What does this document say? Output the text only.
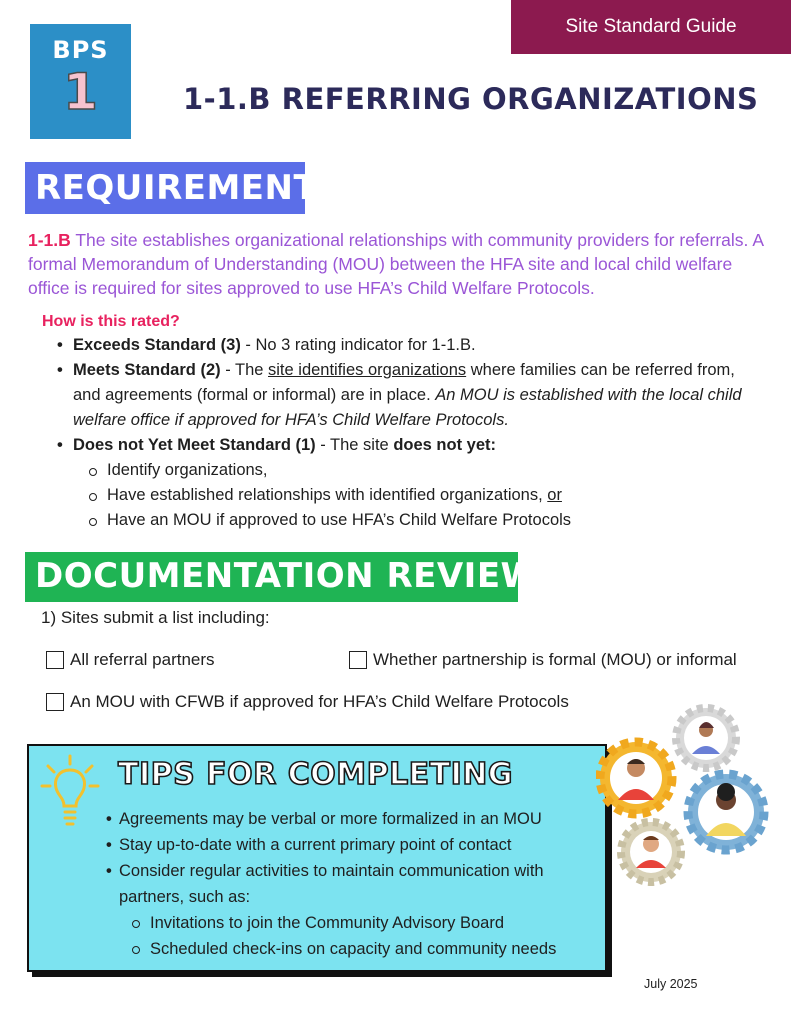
Site Standard Guide
BPS
1	1-1.B REFERRING ORGANIZATIONS
REQUIREMENT

1-1.B The site establishes organizational relationships with community providers for referrals. A formal Memorandum of Understanding (MOU) between the HFA site and local child welfare office is required for sites approved to use HFA’s Child Welfare Protocols.

How is this rated?
• Exceeds Standard (3) - No 3 rating indicator for 1-1.B.
• Meets Standard (2) - The site identifies organizations where families can be referred from, and agreements (formal or informal) are in place. An MOU is established with the local child welfare office if approved for HFA’s Child Welfare Protocols.
• Does not Yet Meet Standard (1) - The site does not yet:
Identify organizations,
Have established relationships with identified organizations, or
Have an MOU if approved to use HFA’s Child Welfare Protocols
DOCUMENTATION REVIEW
1) Sites submit a list including:
All referral partners	Whether partnership is formal (MOU) or informal
An MOU with CFWB if approved for HFA’s Child Welfare Protocols
TIPS FOR COMPLETING
• Agreements may be verbal or more formalized in an MOU
• Stay up-to-date with a current primary point of contact
• Consider regular activities to maintain communication with partners, such as:
Invitations to join the Community Advisory Board
Scheduled check-ins on capacity and community needs
July 2025
